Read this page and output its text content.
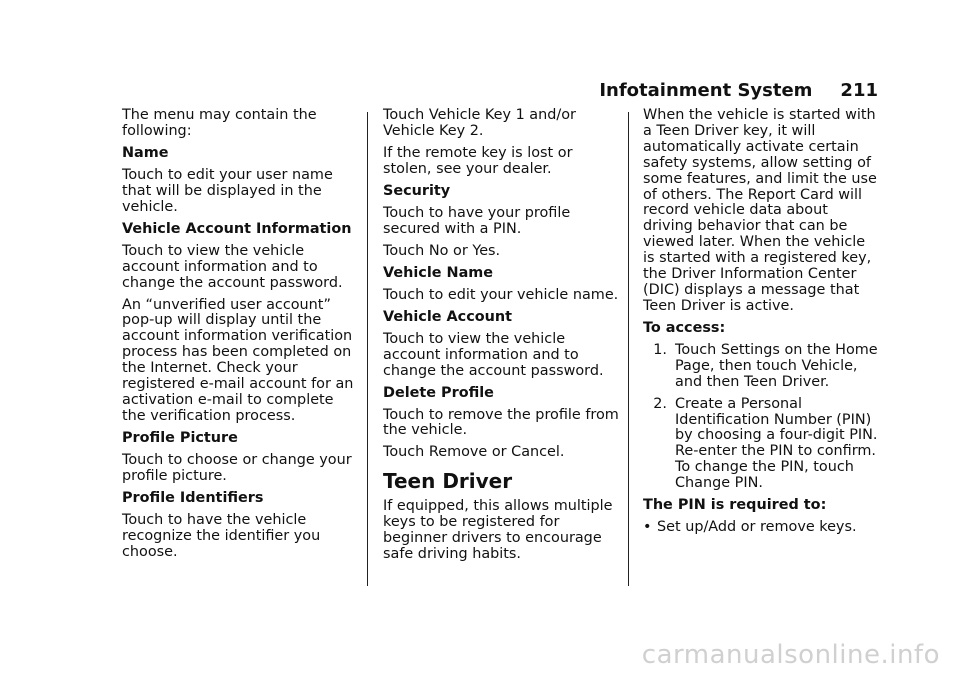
Infotainment System 211

The menu may contain the following:

Name

Touch to edit your user name that will be displayed in the vehicle.

Vehicle Account Information

Touch to view the vehicle account information and to change the account password.

An “unverified user account” pop-up will display until the account information verification process has been completed on the Internet. Check your registered e-mail account for an activation e-mail to complete the verification process.

Profile Picture

Touch to choose or change your profile picture.

Profile Identifiers

Touch to have the vehicle recognize the identifier you choose.

Touch Vehicle Key 1 and/or Vehicle Key 2.

If the remote key is lost or stolen, see your dealer.

Security

Touch to have your profile secured with a PIN.

Touch No or Yes.

Vehicle Name

Touch to edit your vehicle name.

Vehicle Account

Touch to view the vehicle account information and to change the account password.

Delete Profile

Touch to remove the profile from the vehicle.

Touch Remove or Cancel.

Teen Driver

If equipped, this allows multiple keys to be registered for beginner drivers to encourage safe driving habits.

When the vehicle is started with a Teen Driver key, it will automatically activate certain safety systems, allow setting of some features, and limit the use of others. The Report Card will record vehicle data about driving behavior that can be viewed later. When the vehicle is started with a registered key, the Driver Information Center (DIC) displays a message that Teen Driver is active.

To access:

1. Touch Settings on the Home Page, then touch Vehicle, and then Teen Driver.
2. Create a Personal Identification Number (PIN) by choosing a four-digit PIN. Re-enter the PIN to confirm. To change the PIN, touch Change PIN.

The PIN is required to:

• Set up/Add or remove keys.
carmanualsonline.info
